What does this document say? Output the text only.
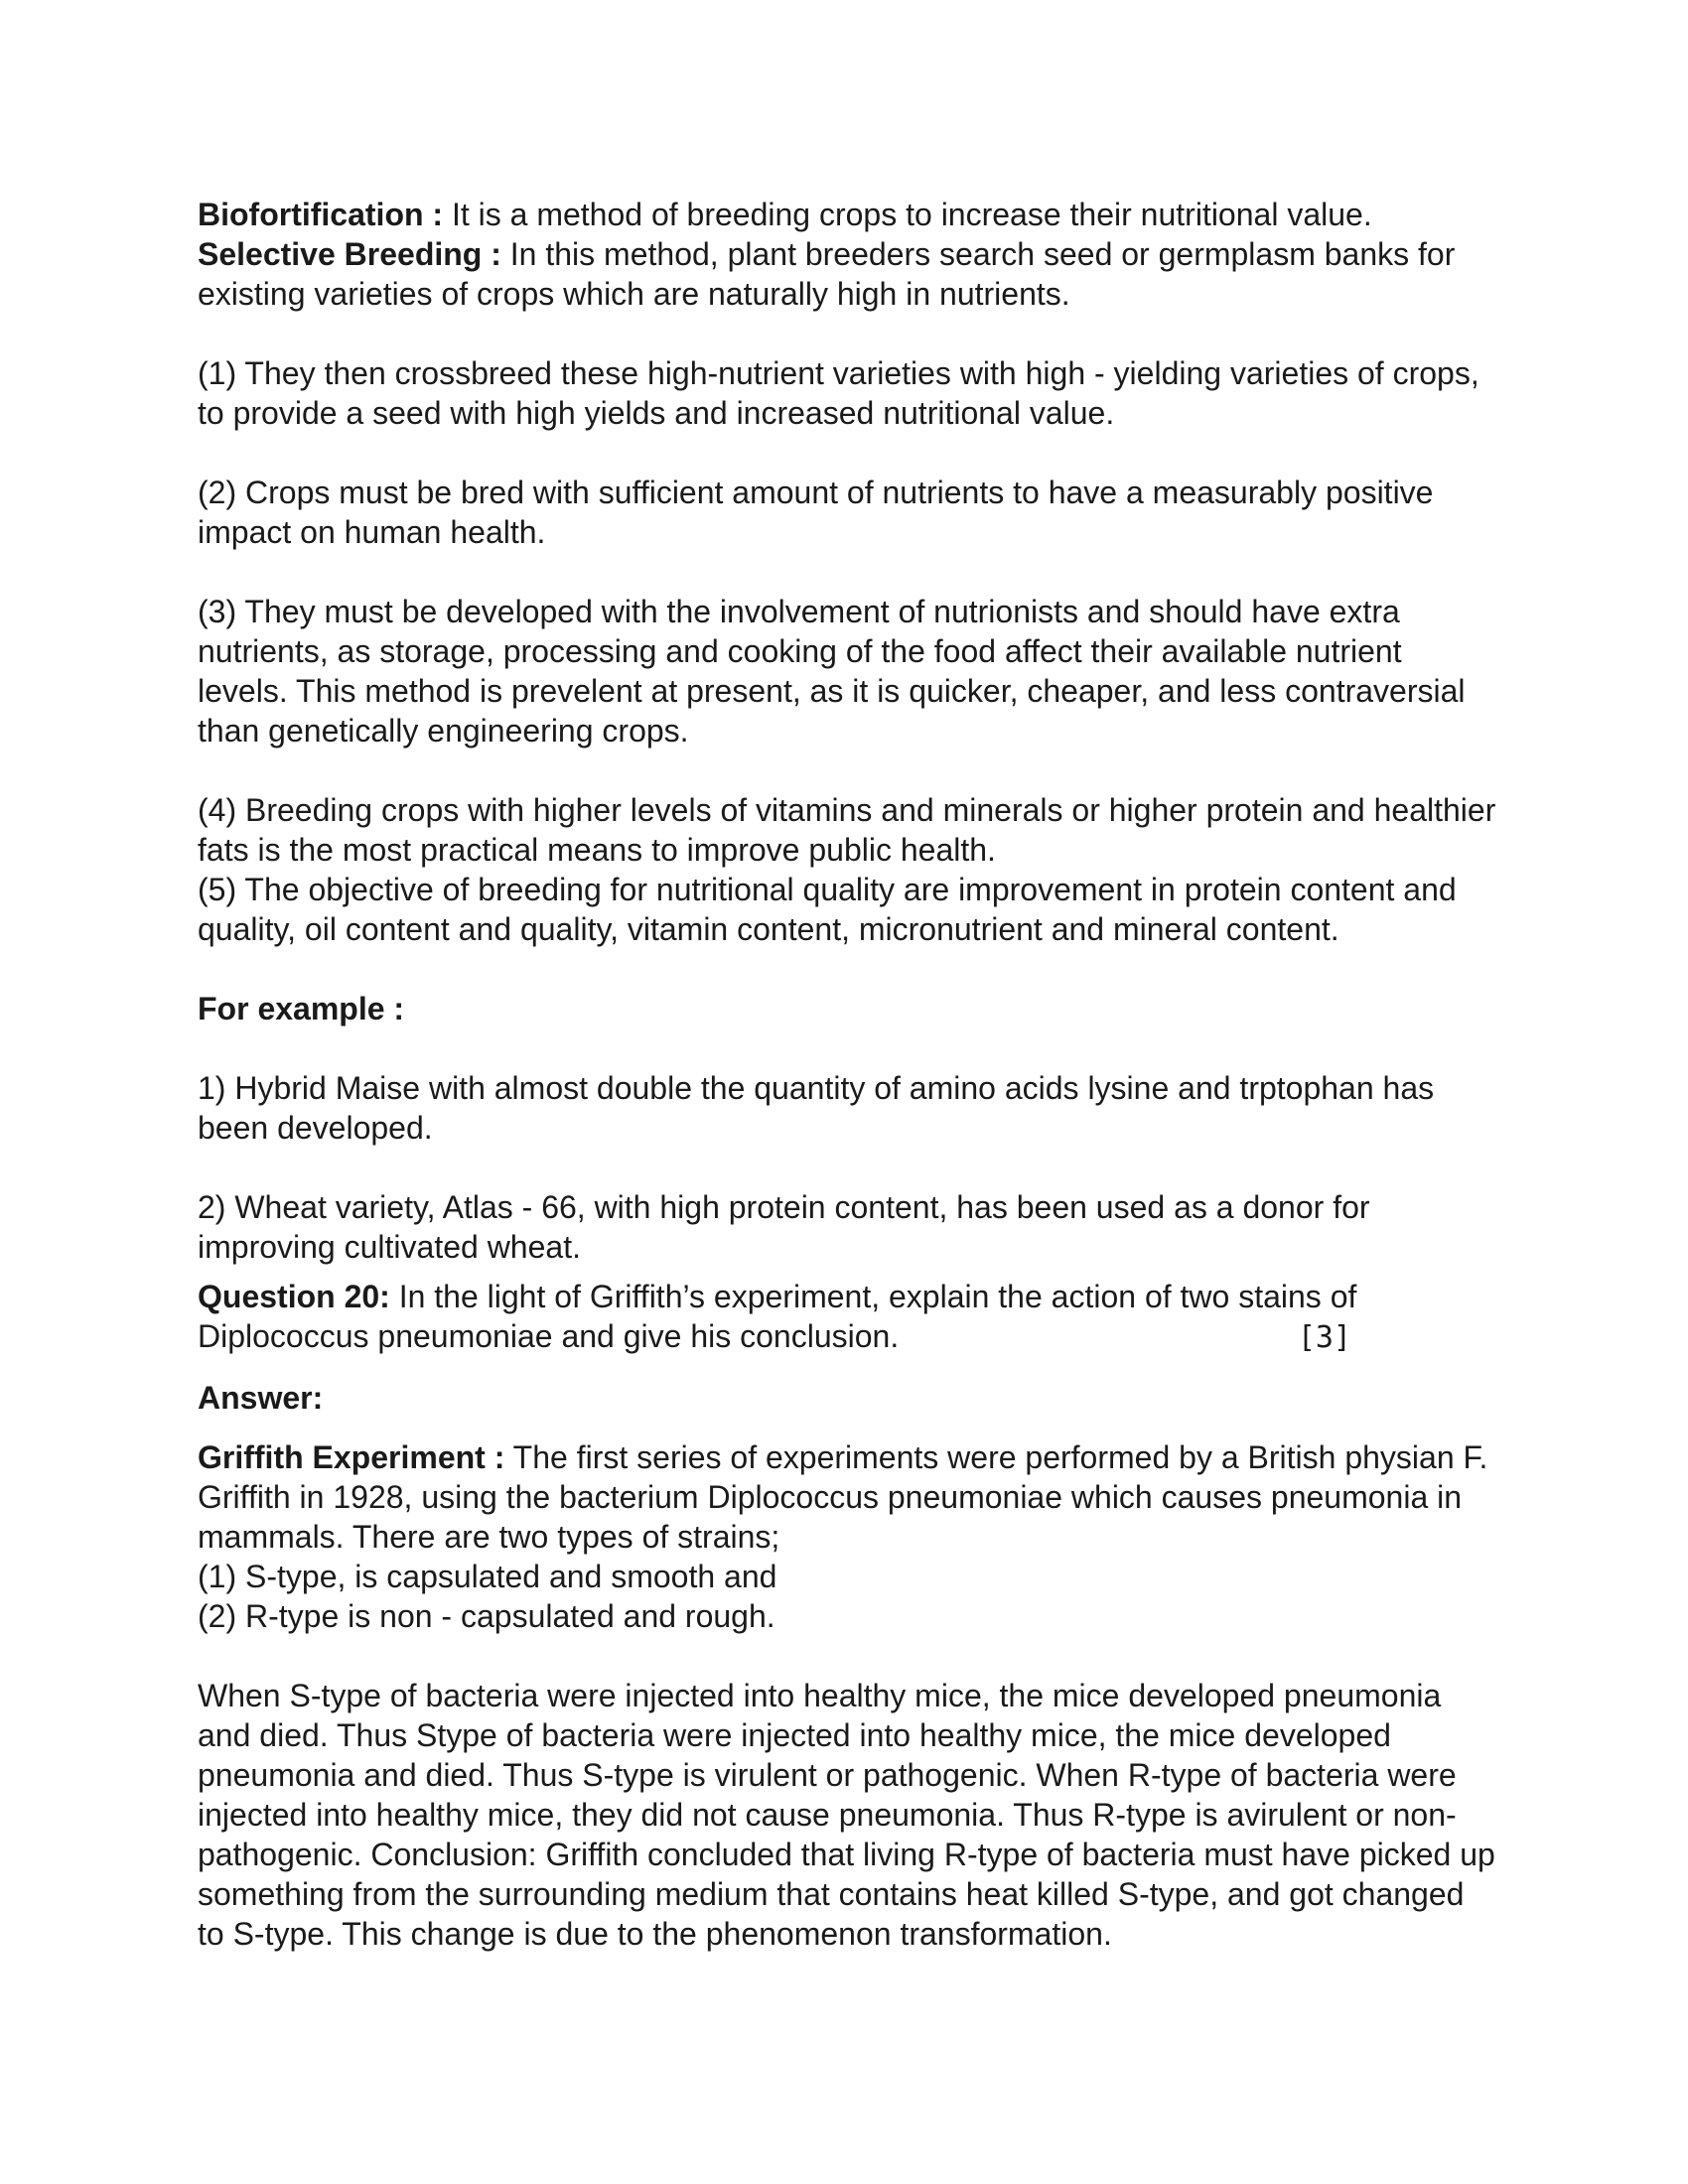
Biofortification : It is a method of breeding crops to increase their nutritional value.

Selective Breeding : In this method, plant breeders search seed or germplasm banks for existing varieties of crops which are naturally high in nutrients.

(1) They then crossbreed these high-nutrient varieties with high - yielding varieties of crops, to provide a seed with high yields and increased nutritional value.

(2) Crops must be bred with sufficient amount of nutrients to have a measurably positive impact on human health.

(3) They must be developed with the involvement of nutrionists and should have extra nutrients, as storage, processing and cooking of the food affect their available nutrient levels. This method is prevelent at present, as it is quicker, cheaper, and less contraversial than genetically engineering crops.

(4) Breeding crops with higher levels of vitamins and minerals or higher protein and healthier fats is the most practical means to improve public health.

(5) The objective of breeding for nutritional quality are improvement in protein content and quality, oil content and quality, vitamin content, micronutrient and mineral content.

For example :

1) Hybrid Maise with almost double the quantity of amino acids lysine and trptophan has been developed.

2) Wheat variety, Atlas - 66, with high protein content, has been used as a donor for improving cultivated wheat.

Question 20: In the light of Griffith’s experiment, explain the action of two stains of

Diplococcus pneumoniae and give his conclusion.	[3]

Answer:

Griffith Experiment : The first series of experiments were performed by a British physian F. Griffith in 1928, using the bacterium Diplococcus pneumoniae which causes pneumonia in mammals. There are two types of strains;

(1) S-type, is capsulated and smooth and

(2) R-type is non - capsulated and rough.

When S-type of bacteria were injected into healthy mice, the mice developed pneumonia and died. Thus Stype of bacteria were injected into healthy mice, the mice developed pneumonia and died. Thus S-type is virulent or pathogenic. When R-type of bacteria were injected into healthy mice, they did not cause pneumonia. Thus R-type is avirulent or non-pathogenic. Conclusion: Griffith concluded that living R-type of bacteria must have picked up something from the surrounding medium that contains heat killed S-type, and got changed to S-type. This change is due to the phenomenon transformation.
